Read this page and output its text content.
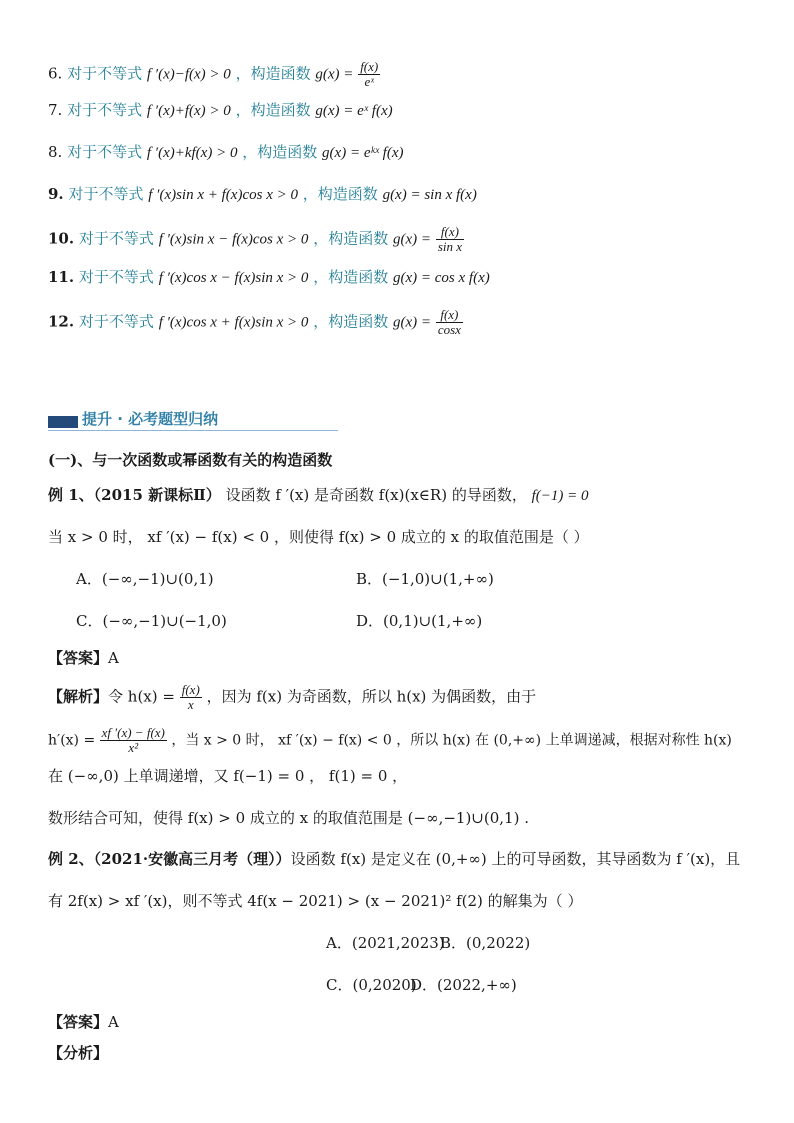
6. 对于不等式 f ′(x)−f(x) > 0 ，构造函数 $g(x) = \frac{f(x)}{\text{eˣ}}$
7. 对于不等式 f ′(x)+f(x) > 0 ，构造函数 g(x) = eˣ f(x)
8. 对于不等式 f ′(x)+kf(x) > 0 ，构造函数 g(x) = eᵏˣ f(x)
9. 对于不等式 f ′(x)sin x + f(x)cos x > 0 ，构造函数 g(x) = sin x f(x)
10. 对于不等式 f ′(x)sin x − f(x)cos x > 0 ，构造函数 $g(x) = \frac{f(x)}{\text{sin x}}$
11. 对于不等式 f ′(x)cos x − f(x)sin x > 0 ，构造函数 g(x) = cos x f(x)
12. 对于不等式 f ′(x)cos x + f(x)sin x > 0 ，构造函数 $g(x) = \frac{f(x)}{\cos x}$
提升 · 必考题型归纳
(一)、与一次函数或幂函数有关的构造函数
例 1、（2015 新课标Ⅱ） 设函数 f ′(x) 是奇函数 f(x)(x∈R) 的导函数， f(−1) = 0
当 x > 0 时， xf ′(x) − f(x) < 0 ，则使得 f(x) > 0 成立的 x 的取值范围是（ ）
A．(−∞,−1)∪(0,1)	B．(−1,0)∪(1,+∞)
C．(−∞,−1)∪(−1,0)	D．(0,1)∪(1,+∞)
【答案】A
【解析】令 $h(x) = \frac{f(x)}{x}$ ，因为 f(x) 为奇函数，所以 h(x) 为偶函数，由于
$h'(x) = \frac{xf '(x) - f(x)}{\text{x²}}$ ，当 x > 0 时， xf ′(x) − f(x) < 0 ，所以 h(x) 在 (0,+∞) 上单调递减，根据对称性 h(x)
在 (−∞,0) 上单调递增，又 f(−1) = 0 ， f(1) = 0 ，
数形结合可知，使得 f(x) > 0 成立的 x 的取值范围是 (−∞,−1)∪(0,1) .
例 2、（2021·安徽高三月考（理））设函数 f(x) 是定义在 (0,+∞) 上的可导函数，其导函数为 f ′(x)，且
有 2f(x) > xf ′(x)，则不等式 4f(x − 2021) > (x − 2021)² f(2) 的解集为（ ）
A．(2021,2023)
B．(0,2022)
C．(0,2020)
D．(2022,+∞)
【答案】A
【分析】
